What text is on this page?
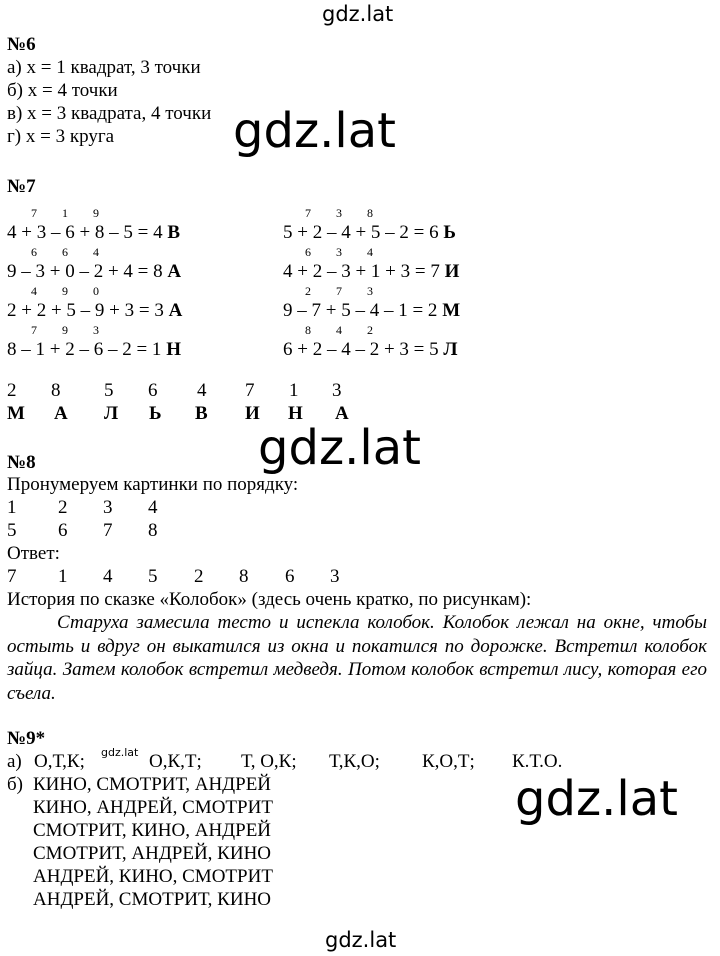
gdz.lat
gdz.lat
gdz.lat
gdz.lat
gdz.lat
№6
а) x = 1 квадрат, 3 точки
б) x = 4 точки
в) x = 3 квадрата, 4 точки
г) x = 3 круга
№7
7 1 9
4 + 3 – 6 + 8 – 5 = 4 В
6 6 4
9 – 3 + 0 – 2 + 4 = 8 А
4 9 0
2 + 2 + 5 – 9 + 3 = 3 А
7 9 3
8 – 1 + 2 – 6 – 2 = 1 Н
7 3 8
5 + 2 – 4 + 5 – 2 = 6 Ь
6 3 4
4 + 2 – 3 + 1 + 3 = 7 И
2 7 3
9 – 7 + 5 – 4 – 1 = 2 М
8 4 2
6 + 2 – 4 – 2 + 3 = 5 Л
2 8 5 6 4 7 1 3
М А Л Ь В И Н А
№8
Пронумеруем картинки по порядку:
1 2 3 4
5 6 7 8
Ответ:
7 1 4 5 2 8 6 3
История по сказке «Колобок» (здесь очень кратко, по рисункам):
Старуха замесила тесто и испекла колобок. Колобок лежал на окне, чтобы остыть и вдруг он выкатился из окна и покатился по дорожке. Встретил колобок зайца. Затем колобок встретил медведя. Потом колобок встретил лису, которая его съела.
№9*
а) О,Т,К;	О,К,Т; Т, О,К; Т,К,О; К,О,Т; К.Т.О.
gdz.lat
б) КИНО, СМОТРИТ, АНДРЕЙ
КИНО, АНДРЕЙ, СМОТРИТ
СМОТРИТ, КИНО, АНДРЕЙ
СМОТРИТ, АНДРЕЙ, КИНО
АНДРЕЙ, КИНО, СМОТРИТ
АНДРЕЙ, СМОТРИТ, КИНО
